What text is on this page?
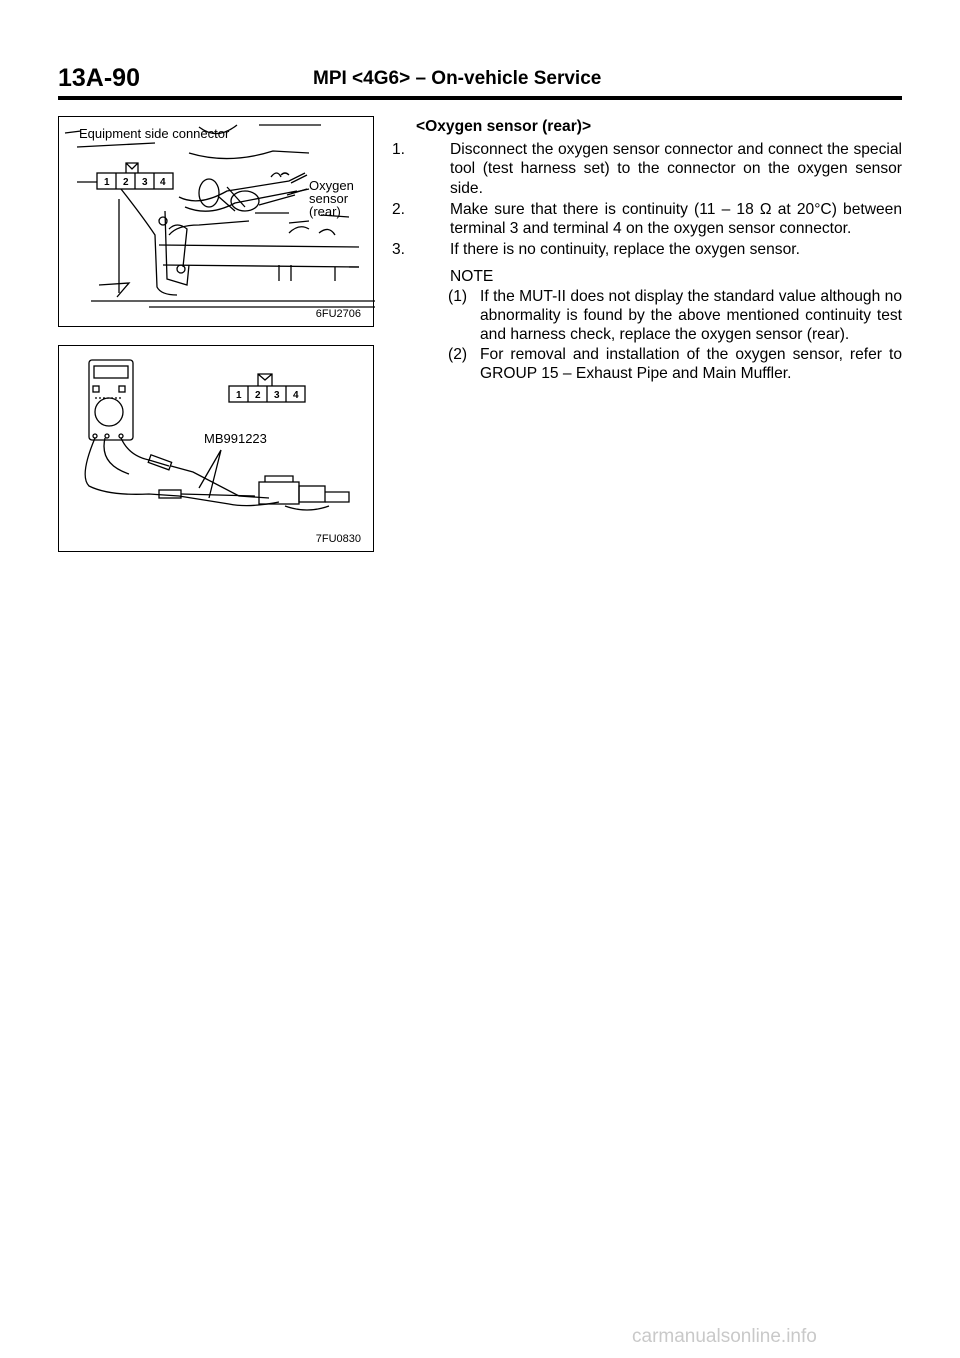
13A-90	MPI <4G6> – On-vehicle Service
Equipment side connector
Oxygen sensor (rear)
1 2 3 4
6FU2706
1 2 3 4
MB991223
7FU0830
<Oxygen sensor (rear)>
1.	Disconnect the oxygen sensor connector and connect the special tool (test harness set) to the connector on the oxygen sensor side.
2.	Make sure that there is continuity (11 – 18 Ω at 20°C) between terminal 3 and terminal 4 on the oxygen sensor connector.
3.	If there is no continuity, replace the oxygen sensor.
NOTE
(1) If the MUT-II does not display the standard value although no abnormality is found by the above mentioned continuity test and harness check, replace the oxygen sensor (rear).
(2) For removal and installation of the oxygen sensor, refer to GROUP 15 – Exhaust Pipe and Main Muffler.
carmanualsonline.info
